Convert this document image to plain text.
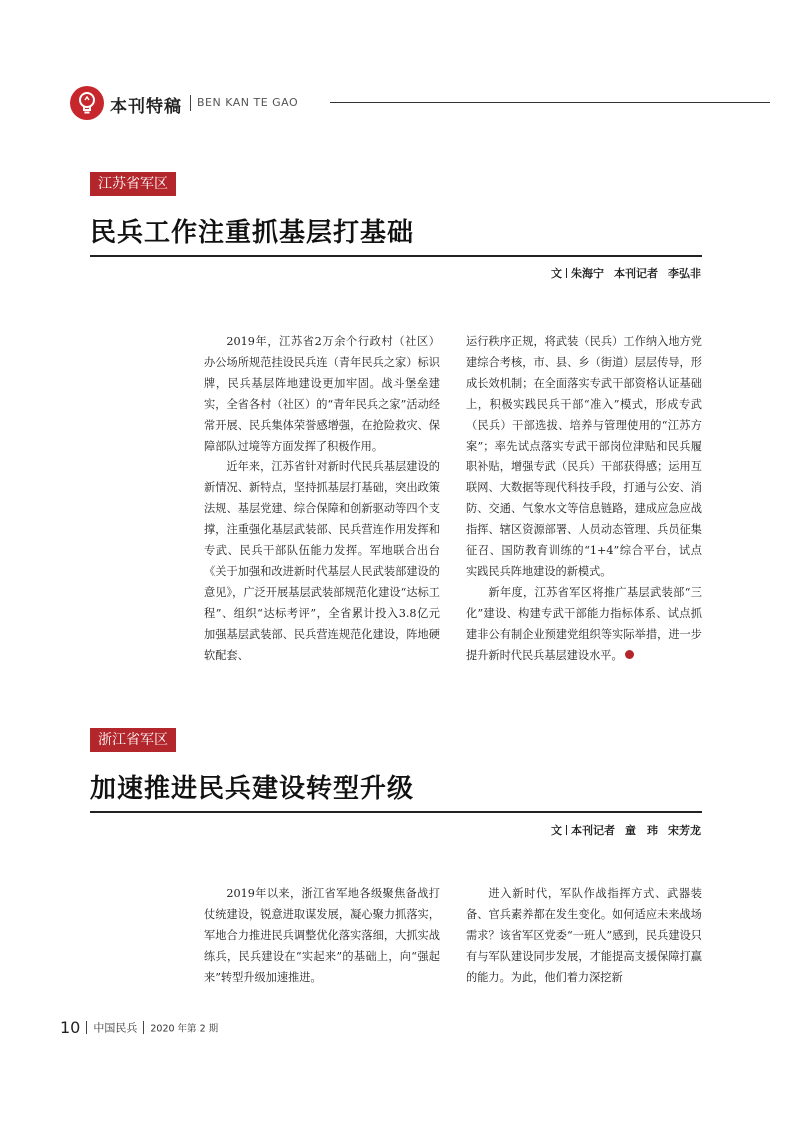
本刊特稿 BEN KAN TE GAO
江苏省军区
民兵工作注重抓基层打基础
文 朱海宁 本刊记者 李弘非

2019年，江苏省2万余个行政村（社区）办公场所规范挂设民兵连（青年民兵之家）标识牌，民兵基层阵地建设更加牢固。战斗堡垒建实，全省各村（社区）的“青年民兵之家”活动经常开展、民兵集体荣誉感增强，在抢险救灾、保障部队过境等方面发挥了积极作用。

近年来，江苏省针对新时代民兵基层建设的新情况、新特点，坚持抓基层打基础，突出政策法规、基层党建、综合保障和创新驱动等四个支撑，注重强化基层武装部、民兵营连作用发挥和专武、民兵干部队伍能力发挥。军地联合出台《关于加强和改进新时代基层人民武装部建设的意见》，广泛开展基层武装部规范化建设“达标工程”、组织“达标考评”，全省累计投入3.8亿元加强基层武装部、民兵营连规范化建设，阵地硬软配套、

运行秩序正规，将武装（民兵）工作纳入地方党建综合考核，市、县、乡（街道）层层传导，形成长效机制；在全面落实专武干部资格认证基础上，积极实践民兵干部“准入”模式，形成专武（民兵）干部选拔、培养与管理使用的“江苏方案”；率先试点落实专武干部岗位津贴和民兵履职补贴，增强专武（民兵）干部获得感；运用互联网、大数据等现代科技手段，打通与公安、消防、交通、气象水文等信息链路，建成应急应战指挥、辖区资源部署、人员动态管理、兵员征集征召、国防教育训练的“1+4”综合平台，试点实践民兵阵地建设的新模式。

新年度，江苏省军区将推广基层武装部“三化”建设、构建专武干部能力指标体系、试点抓建非公有制企业预建党组织等实际举措，进一步提升新时代民兵基层建设水平。

浙江省军区
加速推进民兵建设转型升级
文 本刊记者 童　玮 宋芳龙

2019年以来，浙江省军地各级聚焦备战打仗统建设，锐意进取谋发展，凝心聚力抓落实，军地合力推进民兵调整优化落实落细，大抓实战练兵，民兵建设在“实起来”的基础上，向“强起来”转型升级加速推进。

进入新时代，军队作战指挥方式、武器装备、官兵素养都在发生变化。如何适应未来战场需求？该省军区党委“一班人”感到，民兵建设只有与军队建设同步发展，才能提高支援保障打赢的能力。为此，他们着力深挖新

10 中国民兵 2020 年第 2 期
